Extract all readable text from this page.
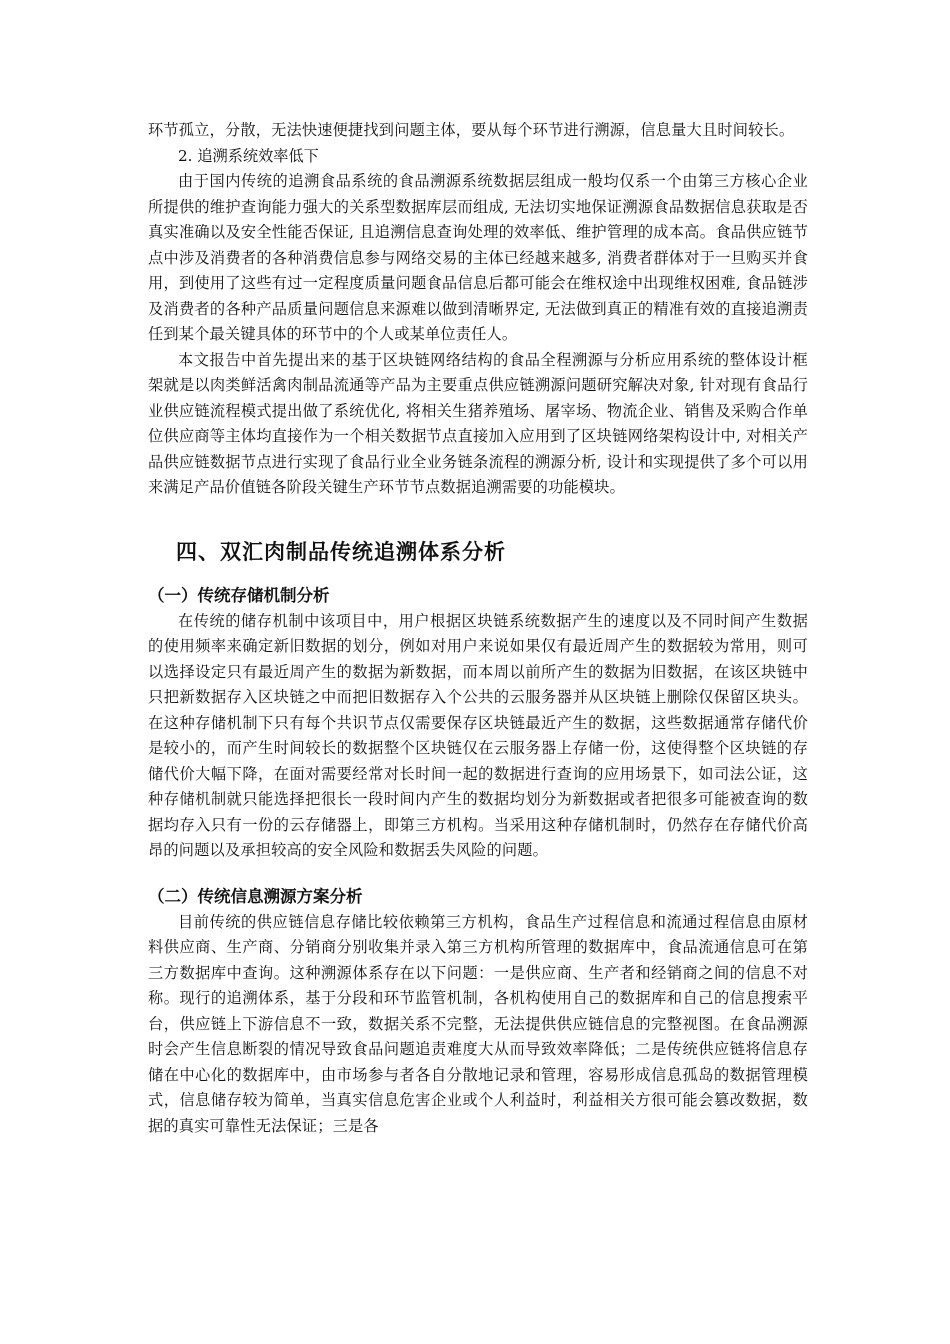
环节孤立，分散，无法快速便捷找到问题主体，要从每个环节进行溯源，信息量大且时间较长。

2. 追溯系统效率低下

由于国内传统的追溯食品系统的食品溯源系统数据层组成一般均仅系一个由第三方核心企业所提供的维护查询能力强大的关系型数据库层而组成, 无法切实地保证溯源食品数据信息获取是否真实准确以及安全性能否保证, 且追溯信息查询处理的效率低、维护管理的成本高。食品供应链节点中涉及消费者的各种消费信息参与网络交易的主体已经越来越多, 消费者群体对于一旦购买并食用，到使用了这些有过一定程度质量问题食品信息后都可能会在维权途中出现维权困难, 食品链涉及消费者的各种产品质量问题信息来源难以做到清晰界定, 无法做到真正的精准有效的直接追溯责任到某个最关键具体的环节中的个人或某单位责任人。

本文报告中首先提出来的基于区块链网络结构的食品全程溯源与分析应用系统的整体设计框架就是以肉类鲜活禽肉制品流通等产品为主要重点供应链溯源问题研究解决对象, 针对现有食品行业供应链流程模式提出做了系统优化, 将相关生猪养殖场、屠宰场、物流企业、销售及采购合作单位供应商等主体均直接作为一个相关数据节点直接加入应用到了区块链网络架构设计中, 对相关产品供应链数据节点进行实现了食品行业全业务链条流程的溯源分析, 设计和实现提供了多个可以用来满足产品价值链各阶段关键生产环节节点数据追溯需要的功能模块。

四、双汇肉制品传统追溯体系分析
（一）传统存储机制分析

在传统的储存机制中该项目中，用户根据区块链系统数据产生的速度以及不同时间产生数据的使用频率来确定新旧数据的划分，例如对用户来说如果仅有最近周产生的数据较为常用，则可以选择设定只有最近周产生的数据为新数据，而本周以前所产生的数据为旧数据，在该区块链中只把新数据存入区块链之中而把旧数据存入个公共的云服务器并从区块链上删除仅保留区块头。在这种存储机制下只有每个共识节点仅需要保存区块链最近产生的数据，这些数据通常存储代价是较小的，而产生时间较长的数据整个区块链仅在云服务器上存储一份，这使得整个区块链的存储代价大幅下降，在面对需要经常对长时间一起的数据进行查询的应用场景下，如司法公证，这种存储机制就只能选择把很长一段时间内产生的数据均划分为新数据或者把很多可能被查询的数据均存入只有一份的云存储器上，即第三方机构。当采用这种存储机制时，仍然存在存储代价高昂的问题以及承担较高的安全风险和数据丢失风险的问题。

（二）传统信息溯源方案分析

目前传统的供应链信息存储比较依赖第三方机构，食品生产过程信息和流通过程信息由原材料供应商、生产商、分销商分别收集并录入第三方机构所管理的数据库中，食品流通信息可在第三方数据库中查询。这种溯源体系存在以下问题：一是供应商、生产者和经销商之间的信息不对称。现行的追溯体系，基于分段和环节监管机制，各机构使用自己的数据库和自己的信息搜索平台，供应链上下游信息不一致，数据关系不完整，无法提供供应链信息的完整视图。在食品溯源时会产生信息断裂的情况导致食品问题追责难度大从而导致效率降低；二是传统供应链将信息存储在中心化的数据库中，由市场参与者各自分散地记录和管理，容易形成信息孤岛的数据管理模式，信息储存较为简单，当真实信息危害企业或个人利益时，利益相关方很可能会篡改数据，数据的真实可靠性无法保证；三是各
